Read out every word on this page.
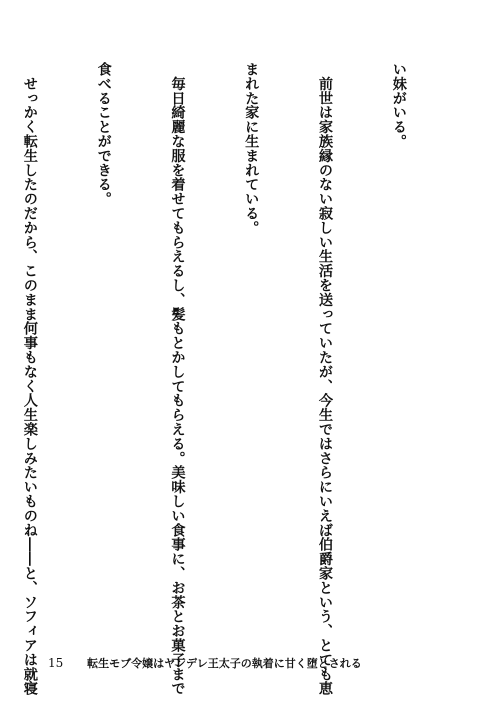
い妹がいる。

　前世は家族縁のない寂しい生活を送っていたが、今生ではさらにいえば伯爵家という、とても恵

まれた家に生まれている。

　毎日綺麗な服を着せてもらえるし、髪もとかしてもらえる。美味しい食事に、お茶とお菓子まで

食べることができる。

　せっかく転生したのだから、このまま何事もなく人生楽しみたいものね――と、ソフィアは就寝

15 転生モブ令嬢はヤンデレ王太子の執着に甘く堕とされる
